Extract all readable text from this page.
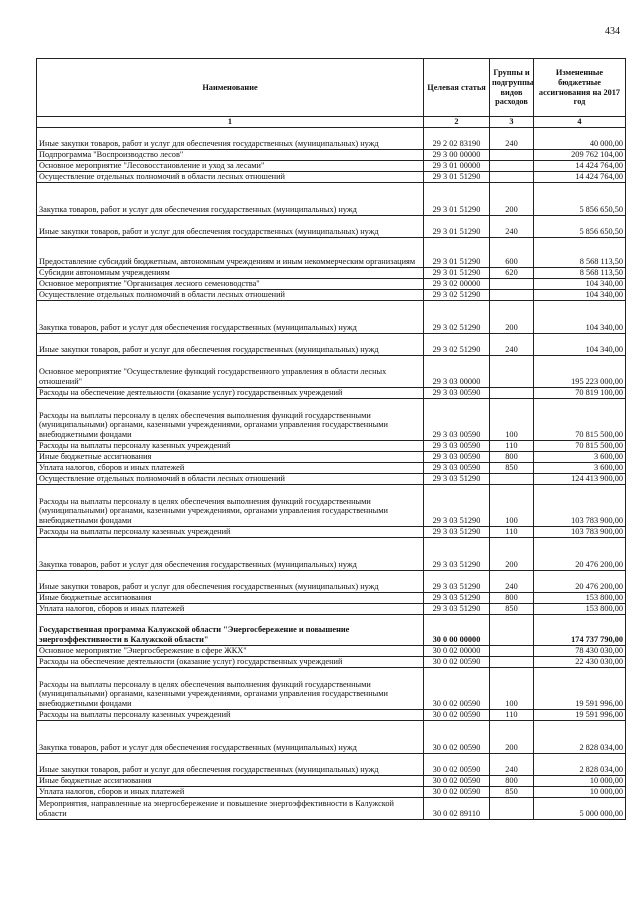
434
Наименование	Целевая статья	Группы и подгруппы видов расходов	Измененные бюджетные ассигнования на 2017 год
1	2	3	4
Иные закупки товаров, работ и услуг для обеспечения государственных (муниципальных) нужд	29 2 02 83190	240	40 000,00
Подпрограмма "Воспроизводство лесов"	29 3 00 00000		209 762 104,00
Основное мероприятие "Лесовосстановление и уход за лесами"	29 3 01 00000		14 424 764,00
Осуществление отдельных полномочий в области лесных отношений	29 3 01 51290		14 424 764,00
Закупка товаров, работ и услуг для обеспечения государственных (муниципальных) нужд	29 3 01 51290	200	5 856 650,50
Иные закупки товаров, работ и услуг для обеспечения государственных (муниципальных) нужд	29 3 01 51290	240	5 856 650,50
Предоставление субсидий бюджетным, автономным учреждениям и иным некоммерческим организациям	29 3 01 51290	600	8 568 113,50
Субсидии автономным учреждениям	29 3 01 51290	620	8 568 113,50
Основное мероприятие "Организация лесного семеноводства"	29 3 02 00000		104 340,00
Осуществление отдельных полномочий в области лесных отношений	29 3 02 51290		104 340,00
Закупка товаров, работ и услуг для обеспечения государственных (муниципальных) нужд	29 3 02 51290	200	104 340,00
Иные закупки товаров, работ и услуг для обеспечения государственных (муниципальных) нужд	29 3 02 51290	240	104 340,00
Основное мероприятие "Осуществление функций государственного управления в области лесных отношений"	29 3 03 00000		195 223 000,00
Расходы на обеспечение деятельности (оказание услуг) государственных учреждений	29 3 03 00590		70 819 100,00
Расходы на выплаты персоналу в целях обеспечения выполнения функций государственными (муниципальными) органами, казенными учреждениями, органами управления государственными внебюджетными фондами	29 3 03 00590	100	70 815 500,00
Расходы на выплаты персоналу казенных учреждений	29 3 03 00590	110	70 815 500,00
Иные бюджетные ассигнования	29 3 03 00590	800	3 600,00
Уплата налогов, сборов и иных платежей	29 3 03 00590	850	3 600,00
Осуществление отдельных полномочий в области лесных отношений	29 3 03 51290		124 413 900,00
Расходы на выплаты персоналу в целях обеспечения выполнения функций государственными (муниципальными) органами, казенными учреждениями, органами управления государственными внебюджетными фондами	29 3 03 51290	100	103 783 900,00
Расходы на выплаты персоналу казенных учреждений	29 3 03 51290	110	103 783 900,00
Закупка товаров, работ и услуг для обеспечения государственных (муниципальных) нужд	29 3 03 51290	200	20 476 200,00
Иные закупки товаров, работ и услуг для обеспечения государственных (муниципальных) нужд	29 3 03 51290	240	20 476 200,00
Иные бюджетные ассигнования	29 3 03 51290	800	153 800,00
Уплата налогов, сборов и иных платежей	29 3 03 51290	850	153 800,00
Государственная программа Калужской области "Энергосбережение и повышение энергоэффективности в Калужской области"	30 0 00 00000		174 737 790,00
Основное мероприятие "Энергосбережение в сфере ЖКХ"	30 0 02 00000		78 430 030,00
Расходы на обеспечение деятельности (оказание услуг) государственных учреждений	30 0 02 00590		22 430 030,00
Расходы на выплаты персоналу в целях обеспечения выполнения функций государственными (муниципальными) органами, казенными учреждениями, органами управления государственными внебюджетными фондами	30 0 02 00590	100	19 591 996,00
Расходы на выплаты персоналу казенных учреждений	30 0 02 00590	110	19 591 996,00
Закупка товаров, работ и услуг для обеспечения государственных (муниципальных) нужд	30 0 02 00590	200	2 828 034,00
Иные закупки товаров, работ и услуг для обеспечения государственных (муниципальных) нужд	30 0 02 00590	240	2 828 034,00
Иные бюджетные ассигнования	30 0 02 00590	800	10 000,00
Уплата налогов, сборов и иных платежей	30 0 02 00590	850	10 000,00
Мероприятия, направленные на энергосбережение и повышение энергоэффективности в Калужской области	30 0 02 89110		5 000 000,00
